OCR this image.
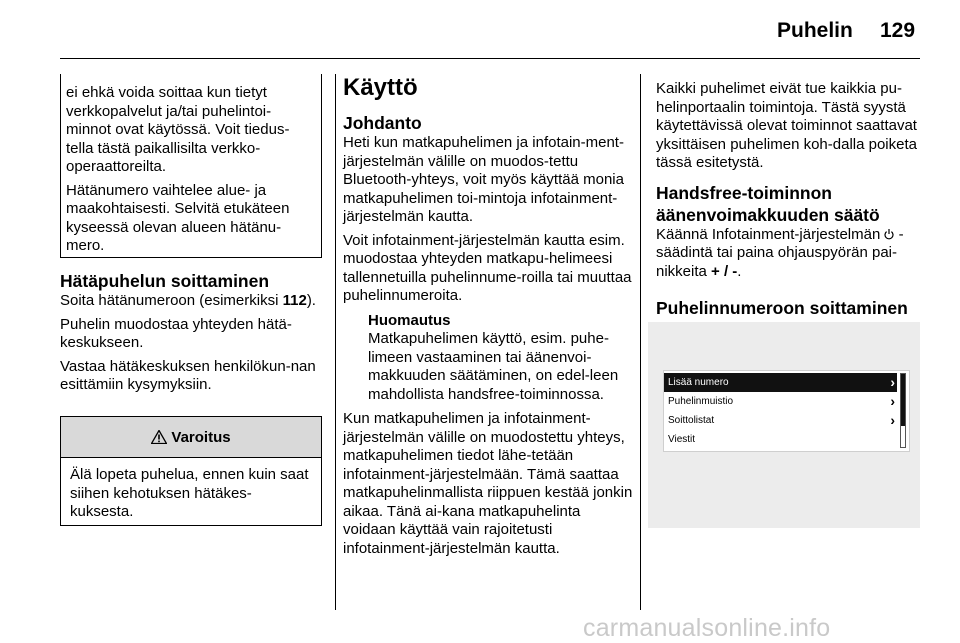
Puhelin 129

ei ehkä voida soittaa kun tietyt verkkopalvelut ja/tai puhelintoi-minnot ovat käytössä. Voit tiedus-tella tästä paikallisilta verkko-operaattoreilta.

Hätänumero vaihtelee alue- ja maakohtaisesti. Selvitä etukäteen kyseessä olevan alueen hätänu-mero.

Hätäpuhelun soittaminen

Soita hätänumeroon (esimerkiksi 112).

Puhelin muodostaa yhteyden hätä-keskukseen.

Vastaa hätäkeskuksen henkilökun-nan esittämiin kysymyksiin.

Varoitus

Älä lopeta puhelua, ennen kuin saat siihen kehotuksen hätäkes-kuksesta.

Käyttö
Johdanto

Heti kun matkapuhelimen ja infotain-ment-järjestelmän välille on muodos-tettu Bluetooth-yhteys, voit myös käyttää monia matkapuhelimen toi-mintoja infotainment-järjestelmän kautta.

Voit infotainment-järjestelmän kautta esim. muodostaa yhteyden matkapu-helimeesi tallennetuilla puhelinnume-roilla tai muuttaa puhelinnumeroita.

Huomautus

Matkapuhelimen käyttö, esim. puhe-limeen vastaaminen tai äänenvoi-makkuuden säätäminen, on edel-leen mahdollista handsfree-toiminnossa.

Kun matkapuhelimen ja infotainment-järjestelmän välille on muodostettu yhteys, matkapuhelimen tiedot lähe-tetään infotainment-järjestelmään. Tämä saattaa matkapuhelinmallista riippuen kestää jonkin aikaa. Tänä ai-kana matkapuhelinta voidaan käyttää vain rajoitetusti infotainment-järjestelmän kautta.

Kaikki puhelimet eivät tue kaikkia pu-helinportaalin toimintoja. Tästä syystä käytettävissä olevat toiminnot saattavat yksittäisen puhelimen koh-dalla poiketa tässä esitetystä.

Handsfree-toiminnon äänenvoimakkuuden säätö

Käännä Infotainment-järjestelmän -säädintä tai paina ohjauspyörän pai-nikkeita + / -.

Puhelinnumeroon soittaminen
Lisää numero	›
Puhelinmuistio	›
Soittolistat	›
Viestit
carmanualsonline.info
